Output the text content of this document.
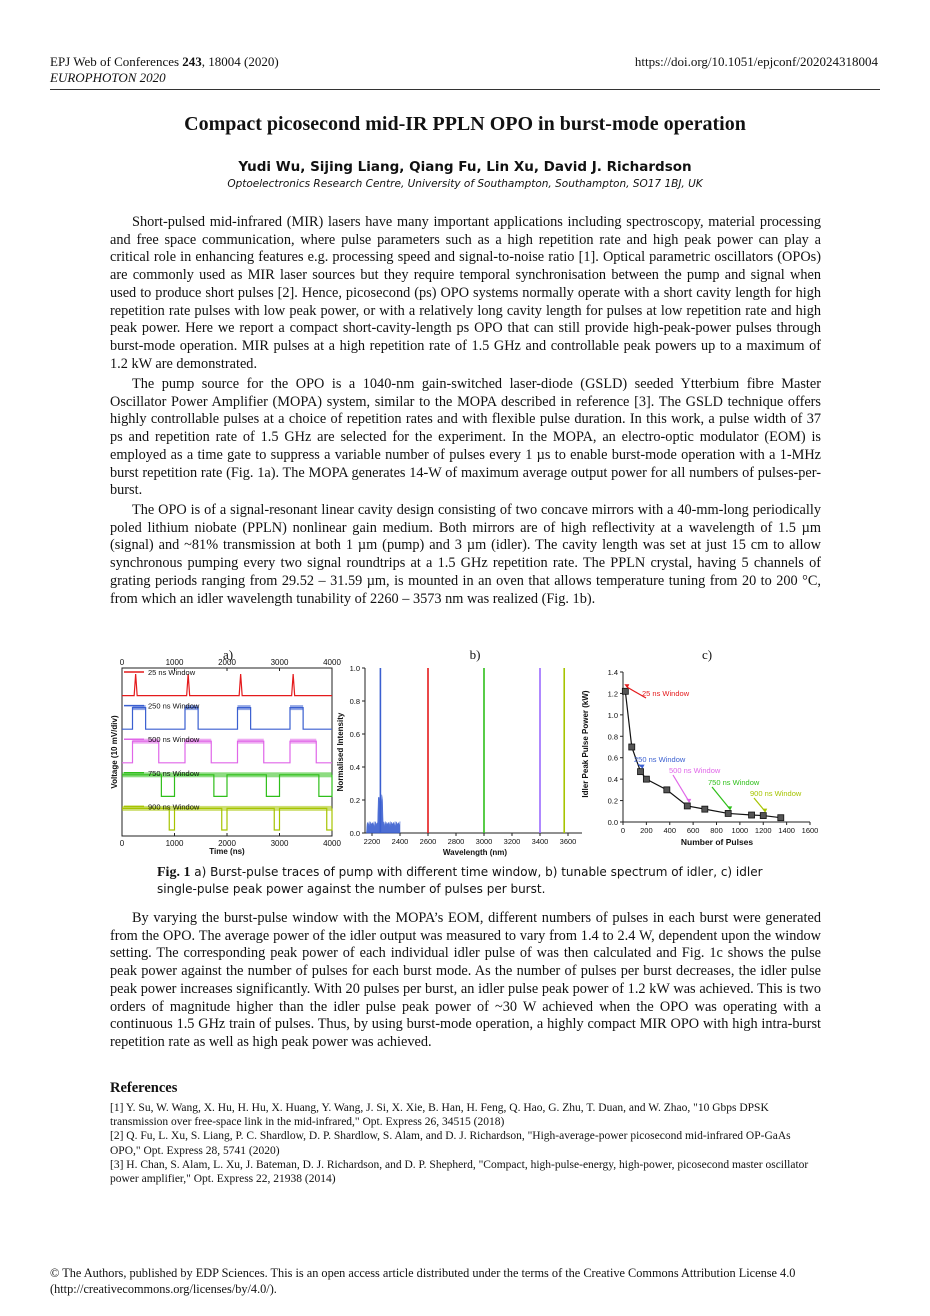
EPJ Web of Conferences 243, 18004 (2020)
EUROPHOTON 2020
https://doi.org/10.1051/epjconf/202024318004
Compact picosecond mid-IR PPLN OPO in burst-mode operation
Yudi Wu, Sijing Liang, Qiang Fu, Lin Xu, David J. Richardson
Optoelectronics Research Centre, University of Southampton, Southampton, SO17 1BJ, UK

Short-pulsed mid-infrared (MIR) lasers have many important applications including spectroscopy, material processing and free space communication, where pulse parameters such as a high repetition rate and high peak power can play a critical role in enhancing features e.g. processing speed and signal-to-noise ratio [1]. Optical parametric oscillators (OPOs) are commonly used as MIR laser sources but they require temporal synchronisation between the pump and signal when used to produce short pulses [2]. Hence, picosecond (ps) OPO systems normally operate with a short cavity length for high repetition rate pulses with low peak power, or with a relatively long cavity length for pulses at low repetition rate and high peak power. Here we report a compact short-cavity-length ps OPO that can still provide high-peak-power pulses through burst-mode operation. MIR pulses at a high repetition rate of 1.5 GHz and controllable peak powers up to a maximum of 1.2 kW are demonstrated.

The pump source for the OPO is a 1040-nm gain-switched laser-diode (GSLD) seeded Ytterbium fibre Master Oscillator Power Amplifier (MOPA) system, similar to the MOPA described in reference [3]. The GSLD technique offers highly controllable pulses at a choice of repetition rates and with flexible pulse duration. In this work, a pulse width of 37 ps and repetition rate of 1.5 GHz are selected for the experiment. In the MOPA, an electro-optic modulator (EOM) is employed as a time gate to suppress a variable number of pulses every 1 µs to enable burst-mode operation with a 1-MHz burst repetition rate (Fig. 1a). The MOPA generates 14-W of maximum average output power for all numbers of pulses-per-burst.

The OPO is of a signal-resonant linear cavity design consisting of two concave mirrors with a 40-mm-long periodically poled lithium niobate (PPLN) nonlinear gain medium. Both mirrors are of high reflectivity at a wavelength of 1.5 µm (signal) and ~81% transmission at both 1 µm (pump) and 3 µm (idler). The cavity length was set at just 15 cm to allow synchronous pumping every two signal roundtrips at a 1.5 GHz repetition rate. The PPLN crystal, having 5 channels of grating periods ranging from 29.52 – 31.59 µm, is mounted in an oven that allows temperature tuning from 20 to 200 °C, from which an idler wavelength tunability of 2260 – 3573 nm was realized (Fig. 1b).

a)
0
0
1000
1000
2000
2000
3000
3000
4000
4000
Time (ns)
Voltage (10 mV/div)
25 ns Window
250 ns Window
500 ns Window
750 ns Window
900 ns Window
b)
2200 2400 2600 2800 3000 3200 3400 3600
0.0
0.2
0.4
0.6
0.8
1.0
Wavelength (nm)
Normalised Intensity
c)
0 200 400 600 800 1000 1200 1400 1600
0.0
0.2
0.4
0.6
0.8
1.0
1.2
1.4
Number of Pulses
Idler Peak Pulse Power (kW)	25 ns Window
250 ns Window
500 ns Window
750 ns Window
900 ns Window
Fig. 1 a) Burst-pulse traces of pump with different time window, b) tunable spectrum of idler, c) idler single-pulse peak power against the number of pulses per burst.

By varying the burst-pulse window with the MOPA’s EOM, different numbers of pulses in each burst were generated from the OPO. The average power of the idler output was measured to vary from 1.4 to 2.4 W, dependent upon the window setting. The corresponding peak power of each individual idler pulse of was then calculated and Fig. 1c shows the pulse peak power against the number of pulses for each burst mode. As the number of pulses per burst decreases, the idler pulse peak power increases significantly. With 20 pulses per burst, an idler pulse peak power of 1.2 kW was achieved. This is two orders of magnitude higher than the idler pulse peak power of ~30 W achieved when the OPO was operating with a continuous 1.5 GHz train of pulses. Thus, by using burst-mode operation, a highly compact MIR OPO with high intra-burst repetition rate as well as high peak power was achieved.

References
[1] Y. Su, W. Wang, X. Hu, H. Hu, X. Huang, Y. Wang, J. Si, X. Xie, B. Han, H. Feng, Q. Hao, G. Zhu, T. Duan, and W. Zhao, "10 Gbps DPSK transmission over free-space link in the mid-infrared," Opt. Express 26, 34515 (2018)
[2] Q. Fu, L. Xu, S. Liang, P. C. Shardlow, D. P. Shardlow, S. Alam, and D. J. Richardson, "High-average-power picosecond mid-infrared OP-GaAs OPO," Opt. Express 28, 5741 (2020)
[3] H. Chan, S. Alam, L. Xu, J. Bateman, D. J. Richardson, and D. P. Shepherd, "Compact, high-pulse-energy, high-power, picosecond master oscillator power amplifier," Opt. Express 22, 21938 (2014)
© The Authors, published by EDP Sciences. This is an open access article distributed under the terms of the Creative Commons Attribution License 4.0 (http://creativecommons.org/licenses/by/4.0/).
